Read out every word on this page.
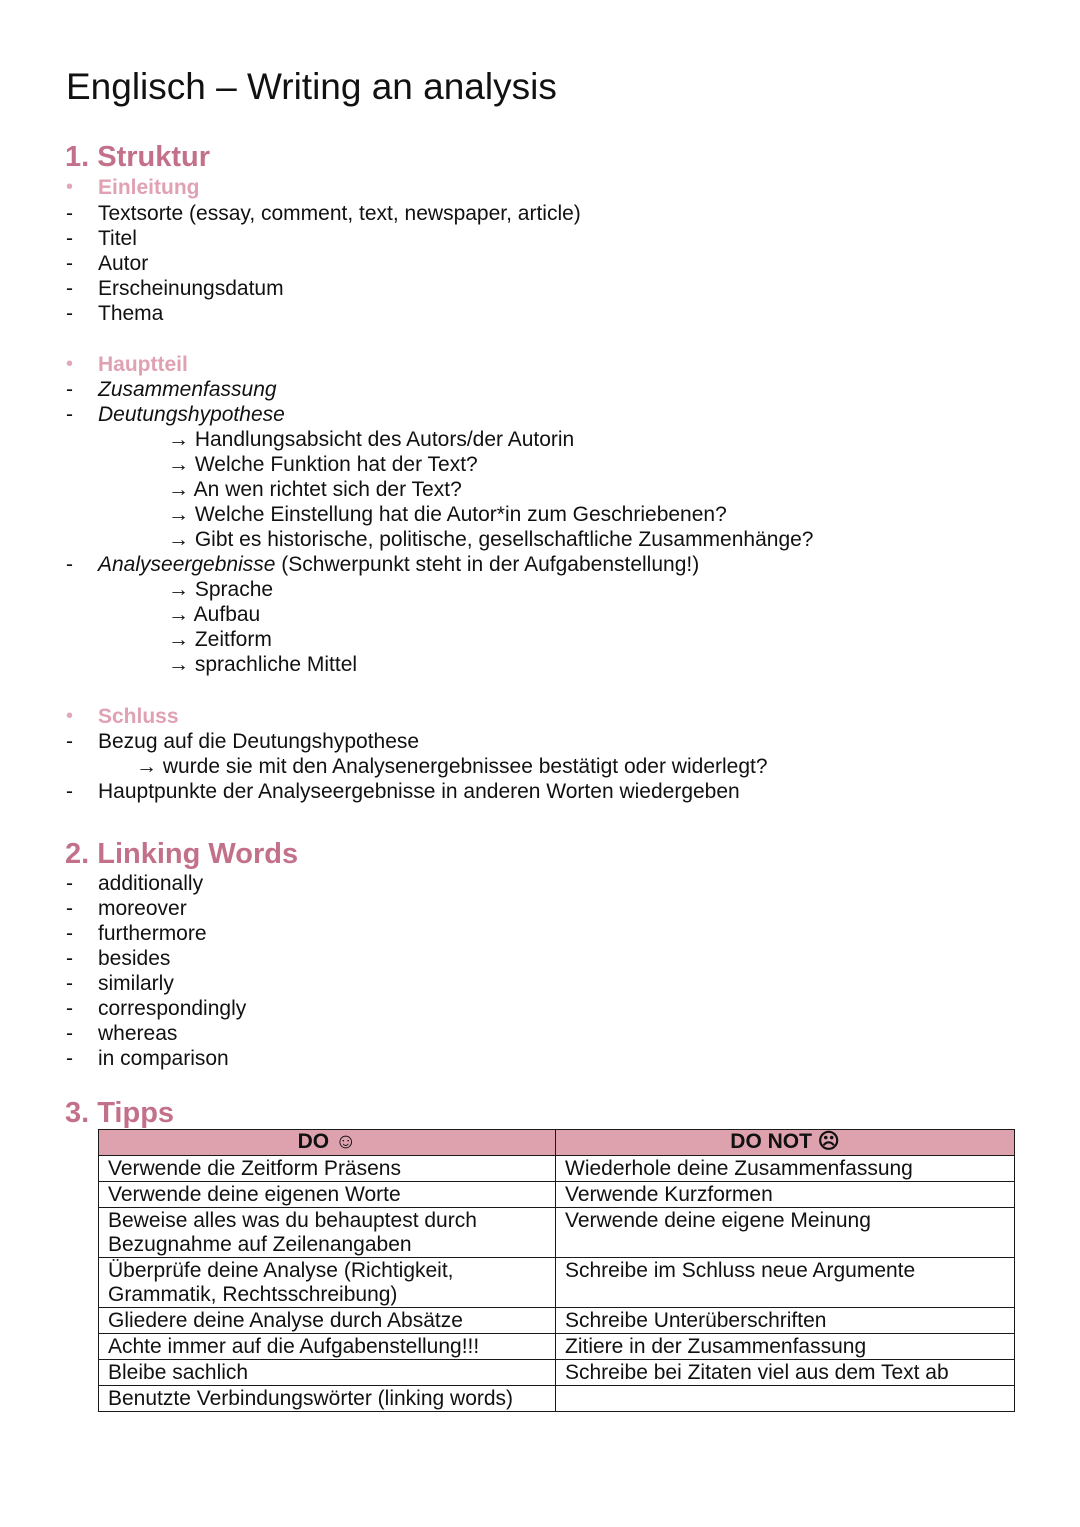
Englisch – Writing an analysis
1. Struktur
•	Einleitung
-	Textsorte (essay, comment, text, newspaper, article)
-	Titel
-	Autor
-	Erscheinungsdatum
-	Thema
•	Hauptteil
-	Zusammenfassung
-	Deutungshypothese
→ Handlungsabsicht des Autors/der Autorin
→ Welche Funktion hat der Text?
→ An wen richtet sich der Text?
→ Welche Einstellung hat die Autor*in zum Geschriebenen?
→ Gibt es historische, politische, gesellschaftliche Zusammenhänge?
-	Analyseergebnisse (Schwerpunkt steht in der Aufgabenstellung!)
→ Sprache
→ Aufbau
→ Zeitform
→ sprachliche Mittel
•	Schluss
-	Bezug auf die Deutungshypothese
→ wurde sie mit den Analysenergebnissee bestätigt oder widerlegt?
-	Hauptpunkte der Analyseergebnisse in anderen Worten wiedergeben
2. Linking Words
-	additionally
-	moreover
-	furthermore
-	besides
-	similarly
-	correspondingly
-	whereas
-	in comparison
3. Tipps
DO ☺	DO NOT ☹
Verwende die Zeitform Präsens	Wiederhole deine Zusammenfassung
Verwende deine eigenen Worte	Verwende Kurzformen
Beweise alles was du behauptest durch Bezugnahme auf Zeilenangaben	Verwende deine eigene Meinung
Überprüfe deine Analyse (Richtigkeit, Grammatik, Rechtsschreibung)	Schreibe im Schluss neue Argumente
Gliedere deine Analyse durch Absätze	Schreibe Unterüberschriften
Achte immer auf die Aufgabenstellung!!!	Zitiere in der Zusammenfassung
Bleibe sachlich	Schreibe bei Zitaten viel aus dem Text ab
Benutzte Verbindungswörter (linking words)	
